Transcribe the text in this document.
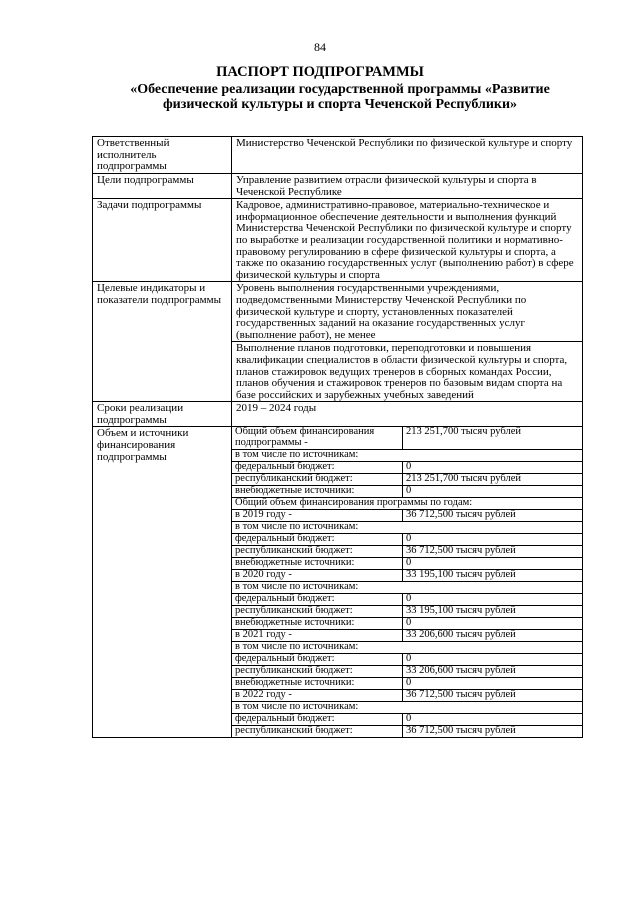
84
ПАСПОРТ ПОДПРОГРАММЫ
«Обеспечение реализации государственной программы «Развитие физической культуры и спорта Чеченской Республики»
Ответственный исполнитель подпрограммы	Министерство Чеченской Республики по физической культуре и спорту
Цели подпрограммы	Управление развитием отрасли физической культуры и спорта в Чеченской Республике
Задачи подпрограммы	Кадровое, административно-правовое, материально-техническое и информационное обеспечение деятельности и выполнения функций Министерства Чеченской Республики по физической культуре и спорту по выработке и реализации государственной политики и нормативно-правовому регулированию в сфере физической культуры и спорта, а также по оказанию государственных услуг (выполнению работ) в сфере физической культуры и спорта
Целевые индикаторы и показатели подпрограммы	Уровень выполнения государственными учреждениями, подведомственными Министерству Чеченской Республики по физической культуре и спорту, установленных показателей государственных заданий на оказание государственных услуг (выполнение работ), не менее
Выполнение планов подготовки, переподготовки и повышения квалификации специалистов в области физической культуры и спорта, планов стажировок ведущих тренеров в сборных командах России, планов обучения и стажировок тренеров по базовым видам спорта на базе российских и зарубежных учебных заведений
Сроки реализации подпрограммы	2019 – 2024 годы
Объем и источники финансирования подпрограммы	
Общий объем финансирования подпрограммы -	213 251,700 тысяч рублей
в том числе по источникам:
федеральный бюджет:	0
республиканский бюджет:	213 251,700 тысяч рублей
внебюджетные источники:	0
Общий объем финансирования программы по годам:
в 2019 году -	36 712,500 тысяч рублей
в том числе по источникам:
федеральный бюджет:	0
республиканский бюджет:	36 712,500 тысяч рублей
внебюджетные источники:	0
в 2020 году -	33 195,100 тысяч рублей
в том числе по источникам:
федеральный бюджет:	0
республиканский бюджет:	33 195,100 тысяч рублей
внебюджетные источники:	0
в 2021 году -	33 206,600 тысяч рублей
в том числе по источникам:
федеральный бюджет:	0
республиканский бюджет:	33 206,600 тысяч рублей
внебюджетные источники:	0
в 2022 году -	36 712,500 тысяч рублей
в том числе по источникам:
федеральный бюджет:	0
республиканский бюджет:	36 712,500 тысяч рублей
